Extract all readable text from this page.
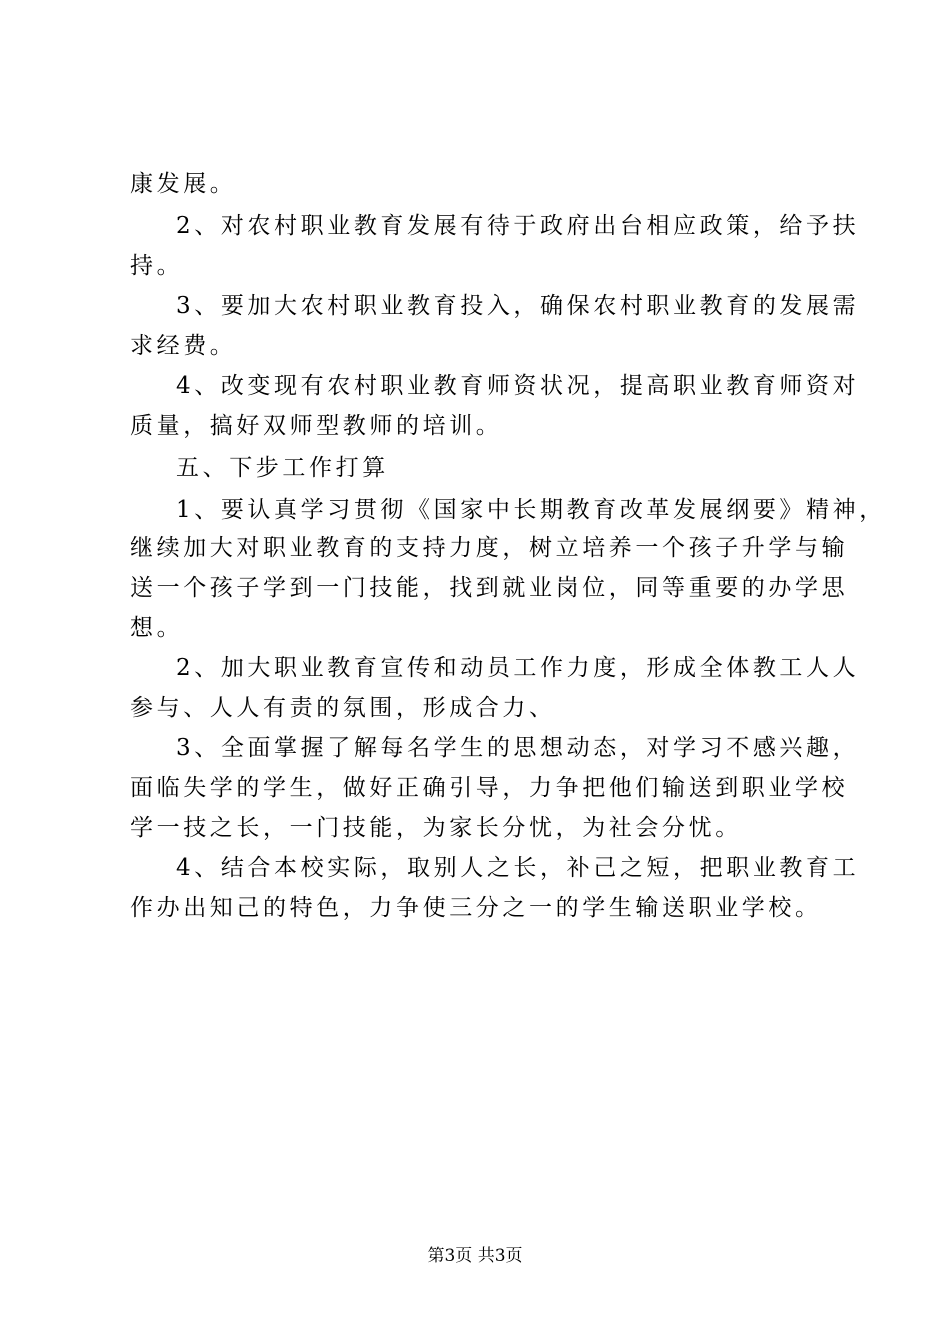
康发展。
2、对农村职业教育发展有待于政府出台相应政策，给予扶
持。
3、要加大农村职业教育投入，确保农村职业教育的发展需
求经费。
4、改变现有农村职业教育师资状况，提高职业教育师资对
质量，搞好双师型教师的培训。
五、下步工作打算
1、要认真学习贯彻《国家中长期教育改革发展纲要》精神，
继续加大对职业教育的支持力度，树立培养一个孩子升学与输
送一个孩子学到一门技能，找到就业岗位，同等重要的办学思
想。
2、加大职业教育宣传和动员工作力度，形成全体教工人人
参与、人人有责的氛围，形成合力、
3、全面掌握了解每名学生的思想动态，对学习不感兴趣，
面临失学的学生，做好正确引导，力争把他们输送到职业学校
学一技之长，一门技能，为家长分忧，为社会分忧。
4、结合本校实际，取别人之长，补己之短，把职业教育工
作办出知己的特色，力争使三分之一的学生输送职业学校。
第3页 共3页
